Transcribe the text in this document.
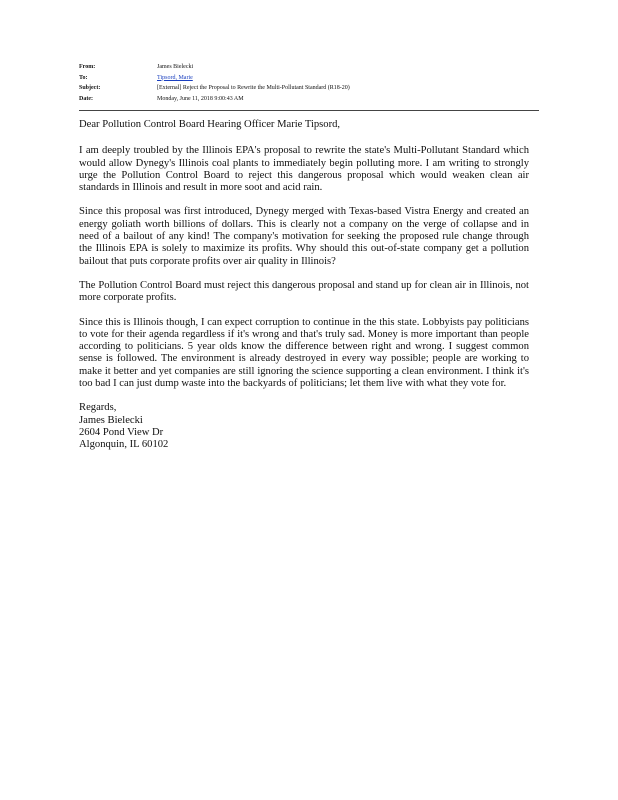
From:	James Bielecki
To:	Tipsord, Marie
Subject:	[External] Reject the Proposal to Rewrite the Multi-Pollutant Standard (R18-20)
Date:	Monday, June 11, 2018 9:00:43 AM

Dear Pollution Control Board Hearing Officer Marie Tipsord,

I am deeply troubled by the Illinois EPA's proposal to rewrite the state's Multi-Pollutant Standard which would allow Dynegy's Illinois coal plants to immediately begin polluting more. I am writing to strongly urge the Pollution Control Board to reject this dangerous proposal which would weaken clean air standards in Illinois and result in more soot and acid rain.

Since this proposal was first introduced, Dynegy merged with Texas-based Vistra Energy and created an energy goliath worth billions of dollars. This is clearly not a company on the verge of collapse and in need of a bailout of any kind! The company's motivation for seeking the proposed rule change through the Illinois EPA is solely to maximize its profits. Why should this out-of-state company get a pollution bailout that puts corporate profits over air quality in Illinois?

The Pollution Control Board must reject this dangerous proposal and stand up for clean air in Illinois, not more corporate profits.

Since this is Illinois though, I can expect corruption to continue in the this state. Lobbyists pay politicians to vote for their agenda regardless if it's wrong and that's truly sad. Money is more important than people according to politicians. 5 year olds know the difference between right and wrong. I suggest common sense is followed. The environment is already destroyed in every way possible; people are working to make it better and yet companies are still ignoring the science supporting a clean environment. I think it's too bad I can just dump waste into the backyards of politicians; let them live with what they vote for.

Regards,
James Bielecki
2604 Pond View Dr
Algonquin, IL 60102
